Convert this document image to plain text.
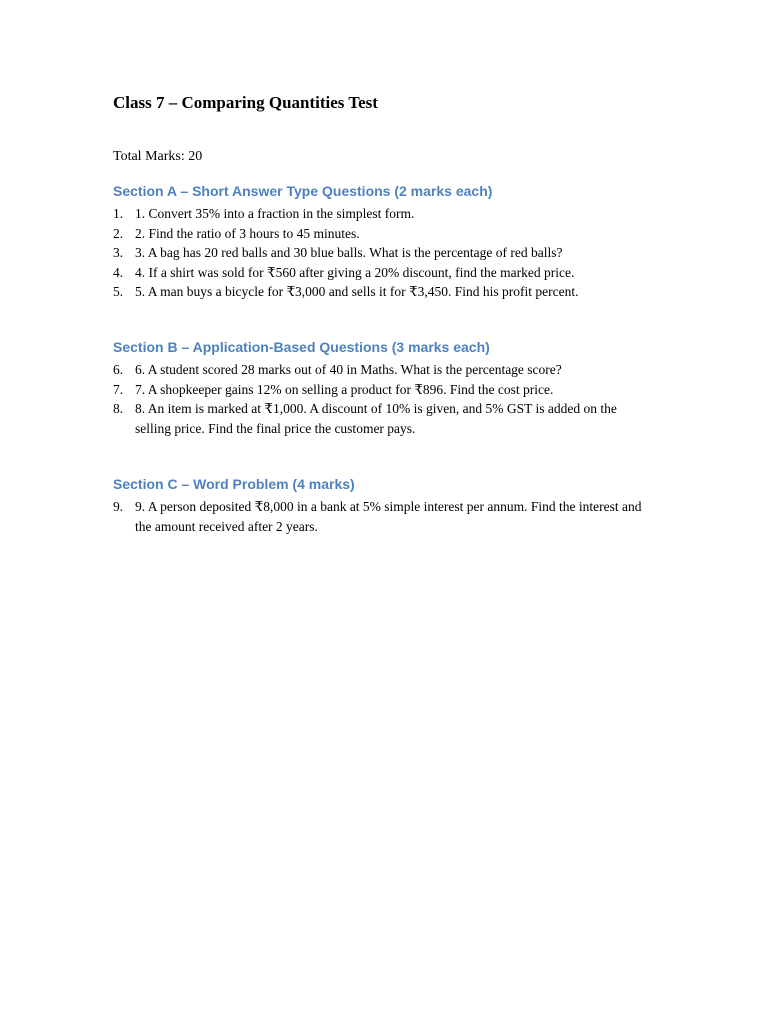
Class 7 – Comparing Quantities Test
Total Marks: 20
Section A – Short Answer Type Questions (2 marks each)
1. 1. Convert 35% into a fraction in the simplest form.
2. 2. Find the ratio of 3 hours to 45 minutes.
3. 3. A bag has 20 red balls and 30 blue balls. What is the percentage of red balls?
4. 4. If a shirt was sold for ₹560 after giving a 20% discount, find the marked price.
5. 5. A man buys a bicycle for ₹3,000 and sells it for ₹3,450. Find his profit percent.
Section B – Application-Based Questions (3 marks each)
6. 6. A student scored 28 marks out of 40 in Maths. What is the percentage score?
7. 7. A shopkeeper gains 12% on selling a product for ₹896. Find the cost price.
8. 8. An item is marked at ₹1,000. A discount of 10% is given, and 5% GST is added on the selling price. Find the final price the customer pays.
Section C – Word Problem (4 marks)
9. 9. A person deposited ₹8,000 in a bank at 5% simple interest per annum. Find the interest and the amount received after 2 years.
